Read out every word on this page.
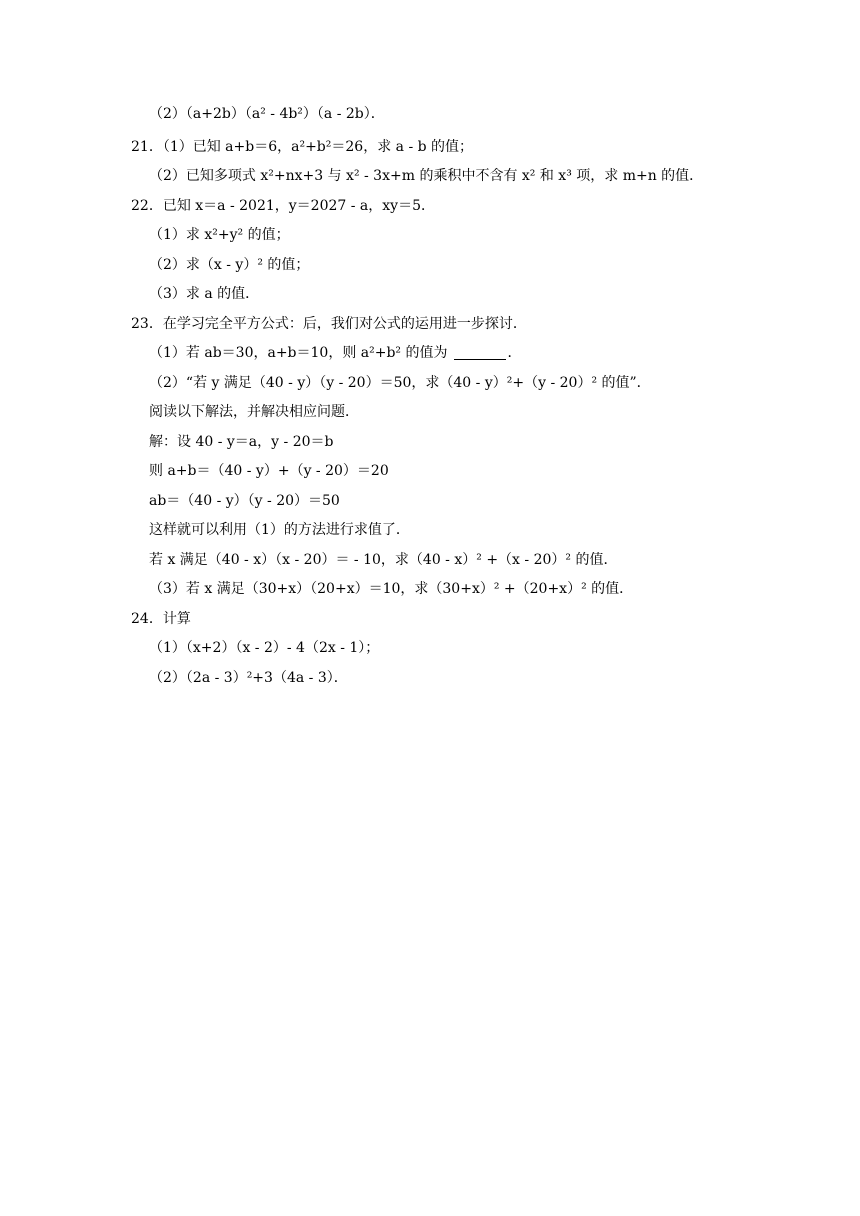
（2）（a+2b）（a² ‑ 4b²）（a ‑ 2b）．
21．（1）已知 a+b＝6，a²+b²＝26，求 a ‑ b 的值；
（2）已知多项式 x²+nx+3 与 x² ‑ 3x+m 的乘积中不含有 x² 和 x³ 项，求 m+n 的值．
22．已知 x＝a ‑ 2021，y＝2027 ‑ a，xy＝5．
（1）求 x²+y² 的值；
（2）求（x ‑ y）² 的值；
（3）求 a 的值．
23．在学习完全平方公式：后，我们对公式的运用进一步探讨．
（1）若 ab＝30，a+b＝10，则 a²+b² 的值为	．
（2）“若 y 满足（40 ‑ y）（y ‑ 20）＝50，求（40 ‑ y）²+（y ‑ 20）² 的值”．
阅读以下解法，并解决相应问题．
解：设 40 ‑ y＝a，y ‑ 20＝b
则 a+b＝（40 ‑ y）+（y ‑ 20）＝20
ab＝（40 ‑ y）（y ‑ 20）＝50
这样就可以利用（1）的方法进行求值了．
若 x 满足（40 ‑ x）（x ‑ 20）＝ ‑ 10，求（40 ‑ x）² +（x ‑ 20）² 的值．
（3）若 x 满足（30+x）（20+x）＝10，求（30+x）² +（20+x）² 的值．
24．计算
（1）（x+2）（x ‑ 2）‑ 4（2x ‑ 1）；
（2）（2a ‑ 3）²+3（4a ‑ 3）．
